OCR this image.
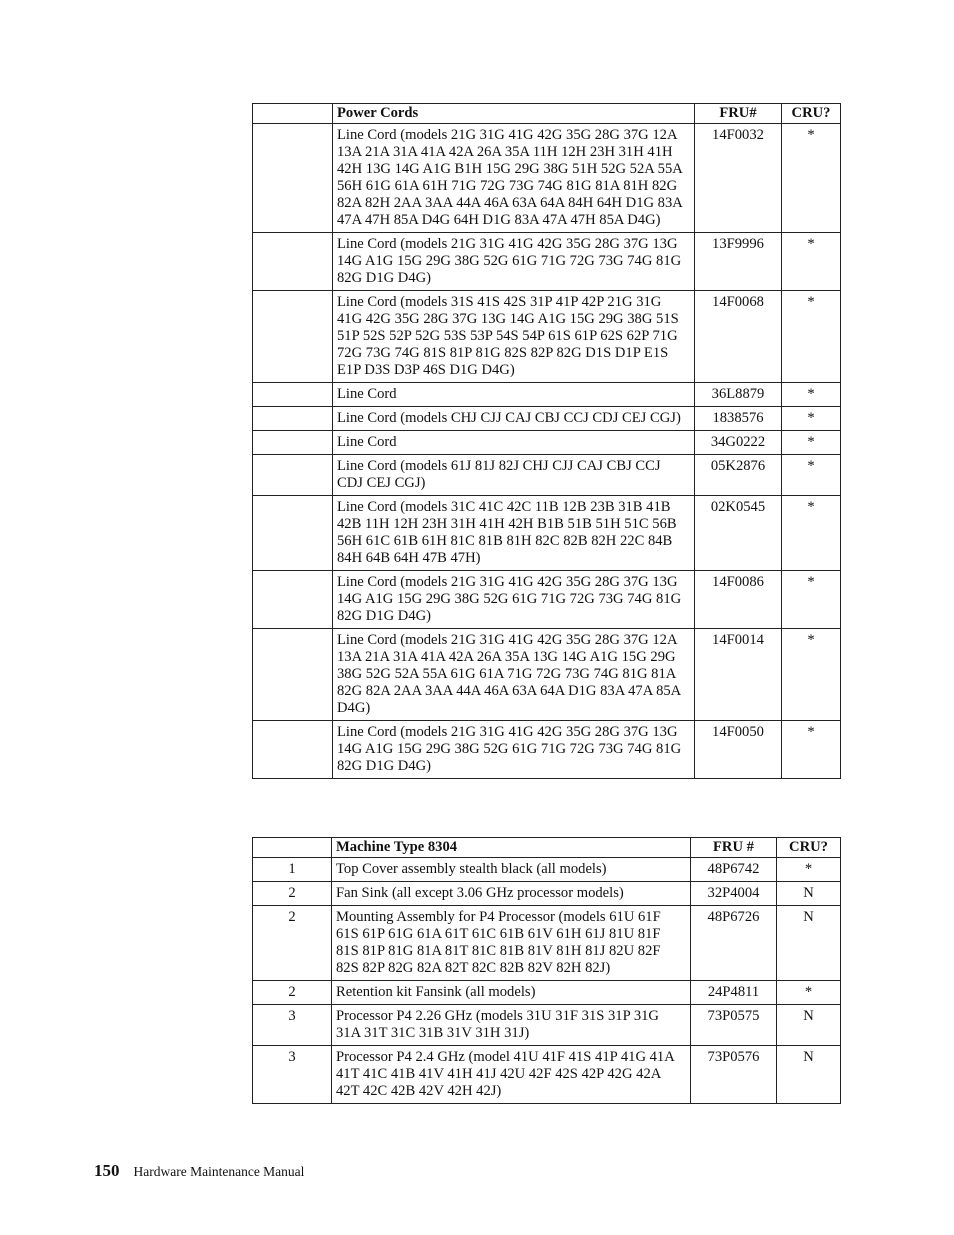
	Power Cords	FRU#	CRU?
	Line Cord (models 21G 31G 41G 42G 35G 28G 37G 12A 13A 21A 31A 41A 42A 26A 35A 11H 12H 23H 31H 41H 42H 13G 14G A1G B1H 15G 29G 38G 51H 52G 52A 55A 56H 61G 61A 61H 71G 72G 73G 74G 81G 81A 81H 82G 82A 82H 2AA 3AA 44A 46A 63A 64A 84H 64H D1G 83A 47A 47H 85A D4G 64H D1G 83A 47A 47H 85A D4G)	14F0032	*
	Line Cord (models 21G 31G 41G 42G 35G 28G 37G 13G 14G A1G 15G 29G 38G 52G 61G 71G 72G 73G 74G 81G 82G D1G D4G)	13F9996	*
	Line Cord (models 31S 41S 42S 31P 41P 42P 21G 31G 41G 42G 35G 28G 37G 13G 14G A1G 15G 29G 38G 51S 51P 52S 52P 52G 53S 53P 54S 54P 61S 61P 62S 62P 71G 72G 73G 74G 81S 81P 81G 82S 82P 82G D1S D1P E1S E1P D3S D3P 46S D1G D4G)	14F0068	*
	Line Cord	36L8879	*
	Line Cord (models CHJ CJJ CAJ CBJ CCJ CDJ CEJ CGJ)	1838576	*
	Line Cord	34G0222	*
	Line Cord (models 61J 81J 82J CHJ CJJ CAJ CBJ CCJ CDJ CEJ CGJ)	05K2876	*
	Line Cord (models 31C 41C 42C 11B 12B 23B 31B 41B 42B 11H 12H 23H 31H 41H 42H B1B 51B 51H 51C 56B 56H 61C 61B 61H 81C 81B 81H 82C 82B 82H 22C 84B 84H 64B 64H 47B 47H)	02K0545	*
	Line Cord (models 21G 31G 41G 42G 35G 28G 37G 13G 14G A1G 15G 29G 38G 52G 61G 71G 72G 73G 74G 81G 82G D1G D4G)	14F0086	*
	Line Cord (models 21G 31G 41G 42G 35G 28G 37G 12A 13A 21A 31A 41A 42A 26A 35A 13G 14G A1G 15G 29G 38G 52G 52A 55A 61G 61A 71G 72G 73G 74G 81G 81A 82G 82A 2AA 3AA 44A 46A 63A 64A D1G 83A 47A 85A D4G)	14F0014	*
	Line Cord (models 21G 31G 41G 42G 35G 28G 37G 13G 14G A1G 15G 29G 38G 52G 61G 71G 72G 73G 74G 81G 82G D1G D4G)	14F0050	*
	Machine Type 8304	FRU #	CRU?
1	Top Cover assembly stealth black (all models)	48P6742	*
2	Fan Sink (all except 3.06 GHz processor models)	32P4004	N
2	Mounting Assembly for P4 Processor (models 61U 61F 61S 61P 61G 61A 61T 61C 61B 61V 61H 61J 81U 81F 81S 81P 81G 81A 81T 81C 81B 81V 81H 81J 82U 82F 82S 82P 82G 82A 82T 82C 82B 82V 82H 82J)	48P6726	N
2	Retention kit Fansink (all models)	24P4811	*
3	Processor P4 2.26 GHz (models 31U 31F 31S 31P 31G 31A 31T 31C 31B 31V 31H 31J)	73P0575	N
3	Processor P4 2.4 GHz (model 41U 41F 41S 41P 41G 41A 41T 41C 41B 41V 41H 41J 42U 42F 42S 42P 42G 42A 42T 42C 42B 42V 42H 42J)	73P0576	N
150 Hardware Maintenance Manual
